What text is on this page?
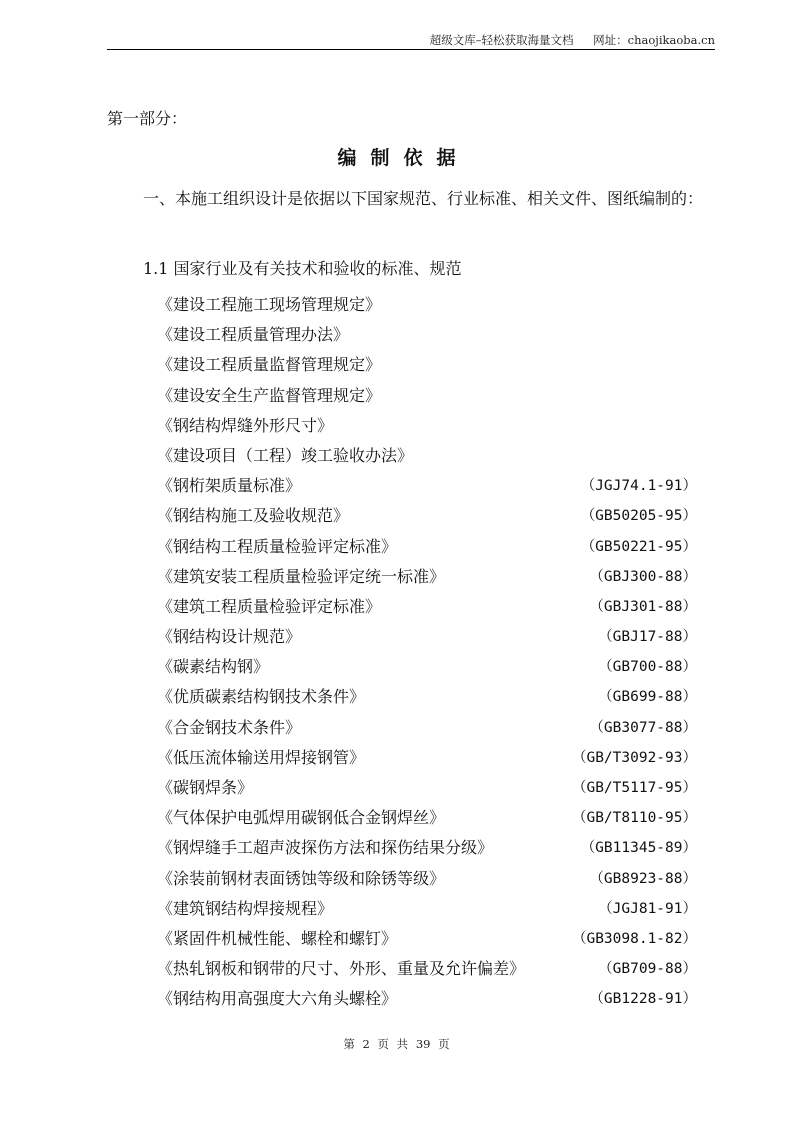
超级文库–轻松获取海量文档 网址：chaojikaoba.cn
第一部分：
编制依据
一、本施工组织设计是依据以下国家规范、行业标准、相关文件、图纸编制的：
1.1 国家行业及有关技术和验收的标准、规范
《建设工程施工现场管理规定》
《建设工程质量管理办法》
《建设工程质量监督管理规定》
《建设安全生产监督管理规定》
《钢结构焊缝外形尺寸》
《建设项目（工程）竣工验收办法》
《钢桁架质量标准》	（JGJ74.1-91）
《钢结构施工及验收规范》	（GB50205-95）
《钢结构工程质量检验评定标准》	（GB50221-95）
《建筑安装工程质量检验评定统一标准》	（GBJ300-88）
《建筑工程质量检验评定标准》	（GBJ301-88）
《钢结构设计规范》	（GBJ17-88）
《碳素结构钢》	（GB700-88）
《优质碳素结构钢技术条件》	（GB699-88）
《合金钢技术条件》	（GB3077-88）
《低压流体输送用焊接钢管》	（GB/T3092-93）
《碳钢焊条》	（GB/T5117-95）
《气体保护电弧焊用碳钢低合金钢焊丝》	（GB/T8110-95）
《钢焊缝手工超声波探伤方法和探伤结果分级》	（GB11345-89）
《涂装前钢材表面锈蚀等级和除锈等级》	（GB8923-88）
《建筑钢结构焊接规程》	（JGJ81-91）
《紧固件机械性能、螺栓和螺钉》	（GB3098.1-82）
《热轧钢板和钢带的尺寸、外形、重量及允许偏差》	（GB709-88）
《钢结构用高强度大六角头螺栓》	（GB1228-91）
第 2 页 共 39 页
